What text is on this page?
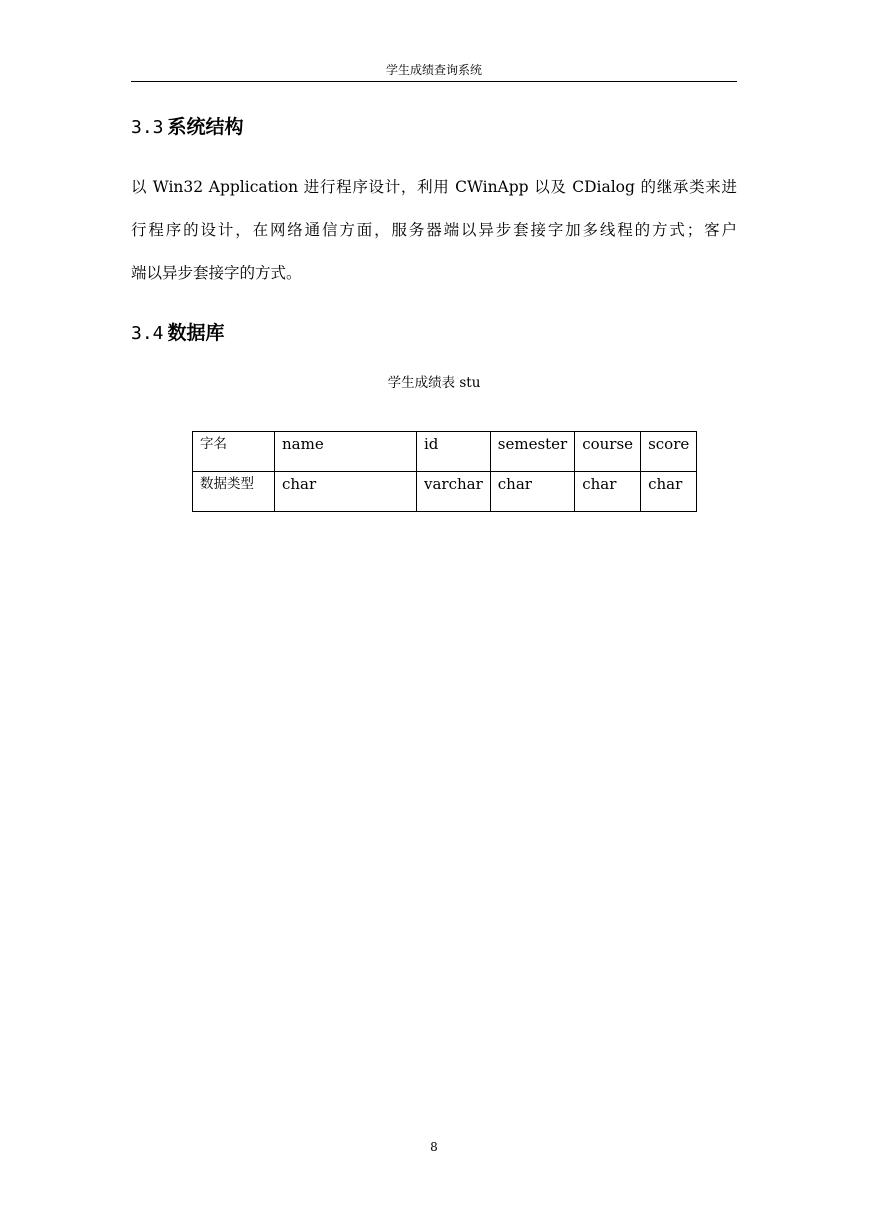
学生成绩查询系统
3.3 系统结构
以 Win32 Application 进行程序设计，利用 CWinApp 以及 CDialog 的继承类来进
行程序的设计，在网络通信方面，服务器端以异步套接字加多线程的方式；客户
端以异步套接字的方式。
3.4 数据库
学生成绩表 stu
字名	name	id	semester	course	score
数据类型	char	varchar	char	char	char
8
